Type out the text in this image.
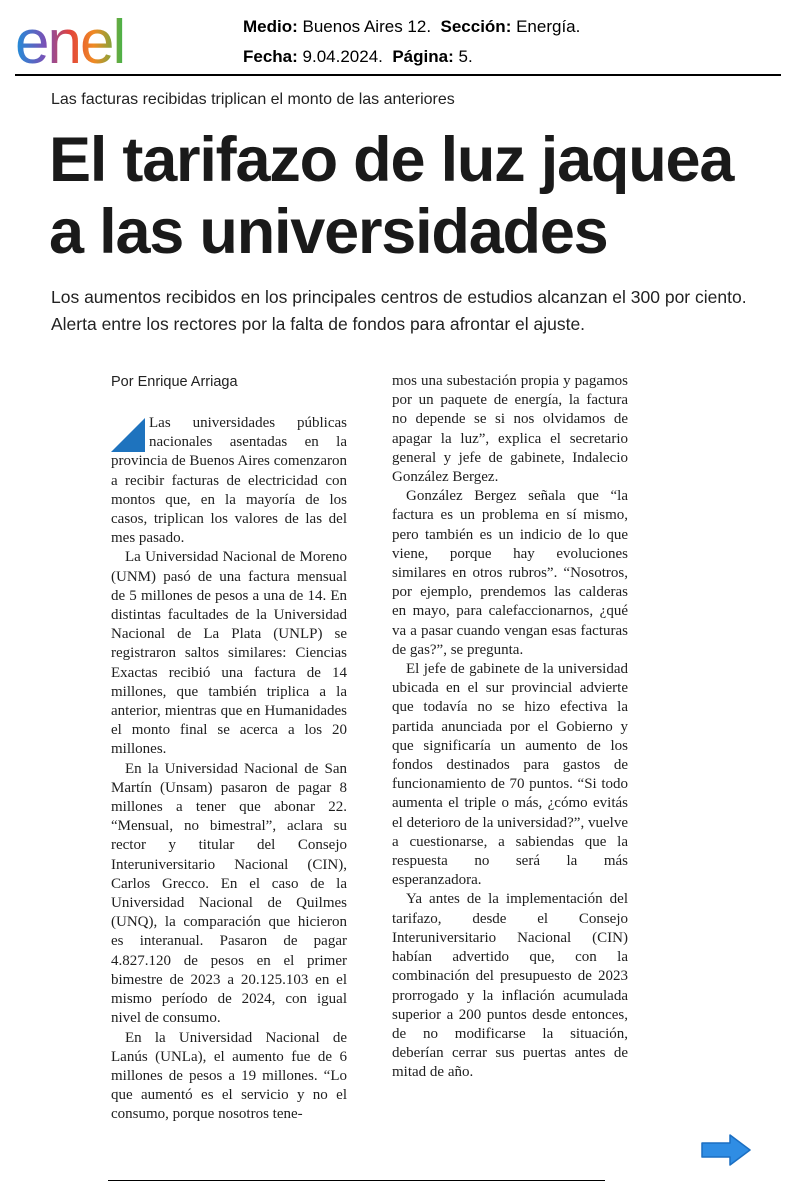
enel	Medio: Buenos Aires 12. Sección: Energía.
Fecha: 9.04.2024. Página: 5.
Las facturas recibidas triplican el monto de las anteriores
El tarifazo de luz jaquea a las universidades
Los aumentos recibidos en los principales centros de estudios alcanzan el 300 por ciento. Alerta entre los rectores por la falta de fondos para afrontar el ajuste.
Por Enrique Arriaga

Las universidades públicas nacionales asentadas en la provincia de Buenos Aires comenzaron a recibir facturas de electricidad con montos que, en la mayoría de los casos, triplican los valores de las del mes pasado.

La Universidad Nacional de Moreno (UNM) pasó de una factura mensual de 5 millones de pesos a una de 14. En distintas facultades de la Universidad Nacional de La Plata (UNLP) se registraron saltos similares: Ciencias Exactas recibió una factura de 14 millones, que también triplica a la anterior, mientras que en Humanidades el monto final se acerca a los 20 millones.

En la Universidad Nacional de San Martín (Unsam) pasaron de pagar 8 millones a tener que abonar 22. “Mensual, no bimestral”, aclara su rector y titular del Consejo Interuniversitario Nacional (CIN), Carlos Grecco. En el caso de la Universidad Nacional de Quilmes (UNQ), la comparación que hicieron es interanual. Pasaron de pagar 4.827.120 de pesos en el primer bimestre de 2023 a 20.125.103 en el mismo período de 2024, con igual nivel de consumo.

En la Universidad Nacional de Lanús (UNLa), el aumento fue de 6 millones de pesos a 19 millones. “Lo que aumentó es el servicio y no el consumo, porque nosotros tene-

mos una subestación propia y pagamos por un paquete de energía, la factura no depende se si nos olvidamos de apagar la luz”, explica el secretario general y jefe de gabinete, Indalecio González Bergez.

González Bergez señala que “la factura es un problema en sí mismo, pero también es un indicio de lo que viene, porque hay evoluciones similares en otros rubros”. “Nosotros, por ejemplo, prendemos las calderas en mayo, para calefaccionarnos, ¿qué va a pasar cuando vengan esas facturas de gas?”, se pregunta.

El jefe de gabinete de la universidad ubicada en el sur provincial advierte que todavía no se hizo efectiva la partida anunciada por el Gobierno y que significaría un aumento de los fondos destinados para gastos de funcionamiento de 70 puntos. “Si todo aumenta el triple o más, ¿cómo evitás el deterioro de la universidad?”, vuelve a cuestionarse, a sabiendas que la respuesta no será la más esperanzadora.

Ya antes de la implementación del tarifazo, desde el Consejo Interuniversitario Nacional (CIN) habían advertido que, con la combinación del presupuesto de 2023 prorrogado y la inflación acumulada superior a 200 puntos desde entonces, de no modificarse la situación, deberían cerrar sus puertas antes de mitad de año.
